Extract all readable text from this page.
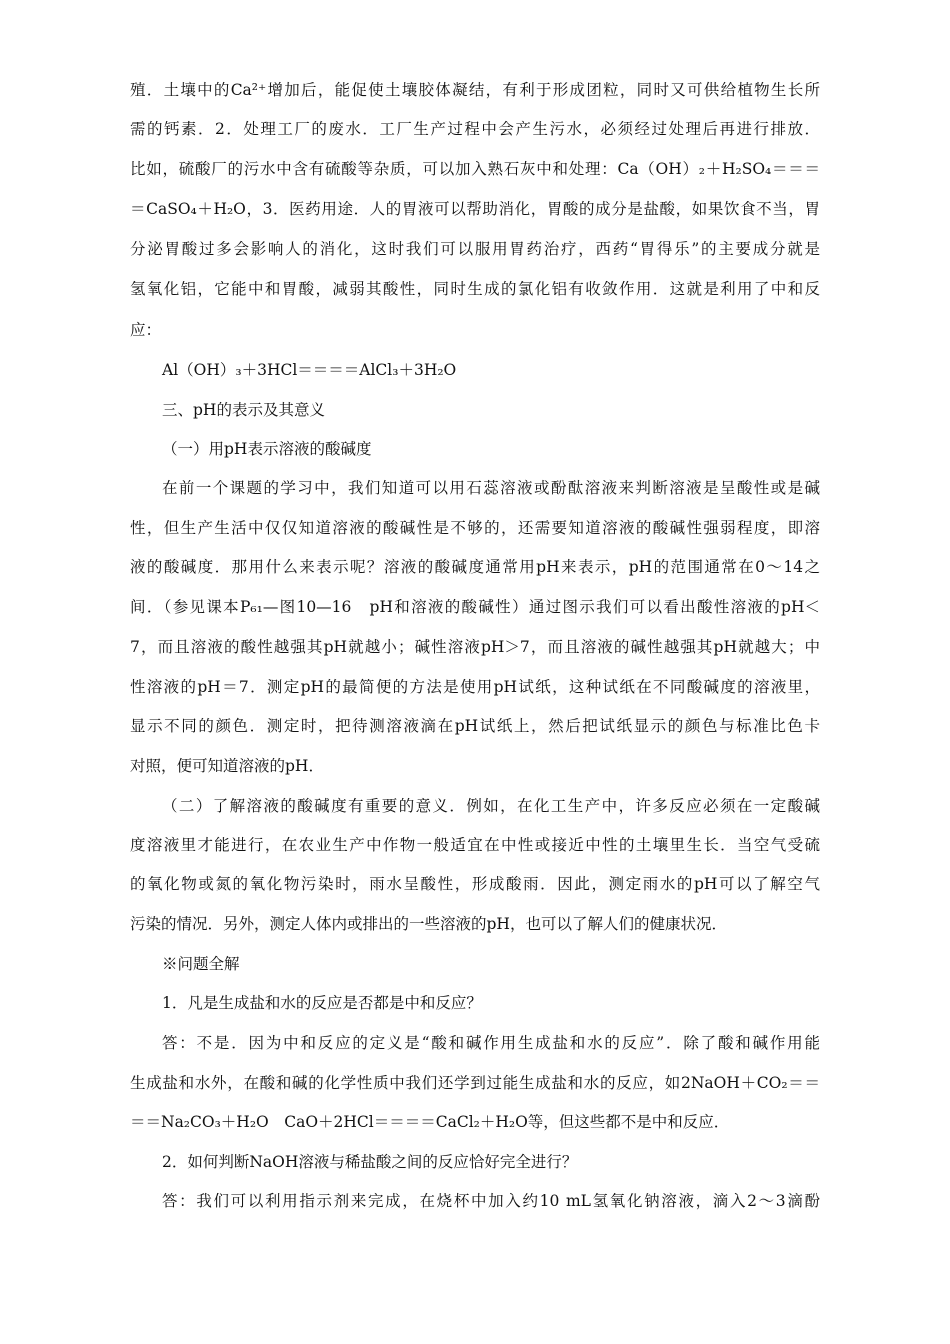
殖．土壤中的Ca²⁺增加后，能促使土壤胶体凝结，有利于形成团粒，同时又可供给植物生长所
需的钙素．2．处理工厂的废水．工厂生产过程中会产生污水，必须经过处理后再进行排放．
比如，硫酸厂的污水中含有硫酸等杂质，可以加入熟石灰中和处理：Ca（OH）₂＋H₂SO₄＝＝＝
＝CaSO₄＋H₂O，3．医药用途．人的胃液可以帮助消化，胃酸的成分是盐酸，如果饮食不当，胃
分泌胃酸过多会影响人的消化，这时我们可以服用胃药治疗，西药“胃得乐”的主要成分就是
氢氧化铝，它能中和胃酸，减弱其酸性，同时生成的氯化铝有收敛作用．这就是利用了中和反
应：
Al（OH）₃＋3HCl＝＝＝＝AlCl₃＋3H₂O
三、pH的表示及其意义
（一）用pH表示溶液的酸碱度
在前一个课题的学习中，我们知道可以用石蕊溶液或酚酞溶液来判断溶液是呈酸性或是碱
性，但生产生活中仅仅知道溶液的酸碱性是不够的，还需要知道溶液的酸碱性强弱程度，即溶
液的酸碱度．那用什么来表示呢？溶液的酸碱度通常用pH来表示，pH的范围通常在0～14之
间．（参见课本P₆₁—图10—16　pH和溶液的酸碱性）通过图示我们可以看出酸性溶液的pH＜
7，而且溶液的酸性越强其pH就越小；碱性溶液pH＞7，而且溶液的碱性越强其pH就越大；中
性溶液的pH＝7．测定pH的最简便的方法是使用pH试纸，这种试纸在不同酸碱度的溶液里，
显示不同的颜色．测定时，把待测溶液滴在pH试纸上，然后把试纸显示的颜色与标准比色卡
对照，便可知道溶液的pH．
（二）了解溶液的酸碱度有重要的意义．例如，在化工生产中，许多反应必须在一定酸碱
度溶液里才能进行，在农业生产中作物一般适宜在中性或接近中性的土壤里生长．当空气受硫
的氧化物或氮的氧化物污染时，雨水呈酸性，形成酸雨．因此，测定雨水的pH可以了解空气
污染的情况．另外，测定人体内或排出的一些溶液的pH，也可以了解人们的健康状况．
※问题全解
1．凡是生成盐和水的反应是否都是中和反应？
答：不是．因为中和反应的定义是“酸和碱作用生成盐和水的反应”．除了酸和碱作用能
生成盐和水外，在酸和碱的化学性质中我们还学到过能生成盐和水的反应，如2NaOH＋CO₂＝＝
＝＝Na₂CO₃＋H₂O　CaO＋2HCl＝＝＝＝CaCl₂＋H₂O等，但这些都不是中和反应．
2．如何判断NaOH溶液与稀盐酸之间的反应恰好完全进行？
答：我们可以利用指示剂来完成，在烧杯中加入约10 mL氢氧化钠溶液，滴入2～3滴酚
